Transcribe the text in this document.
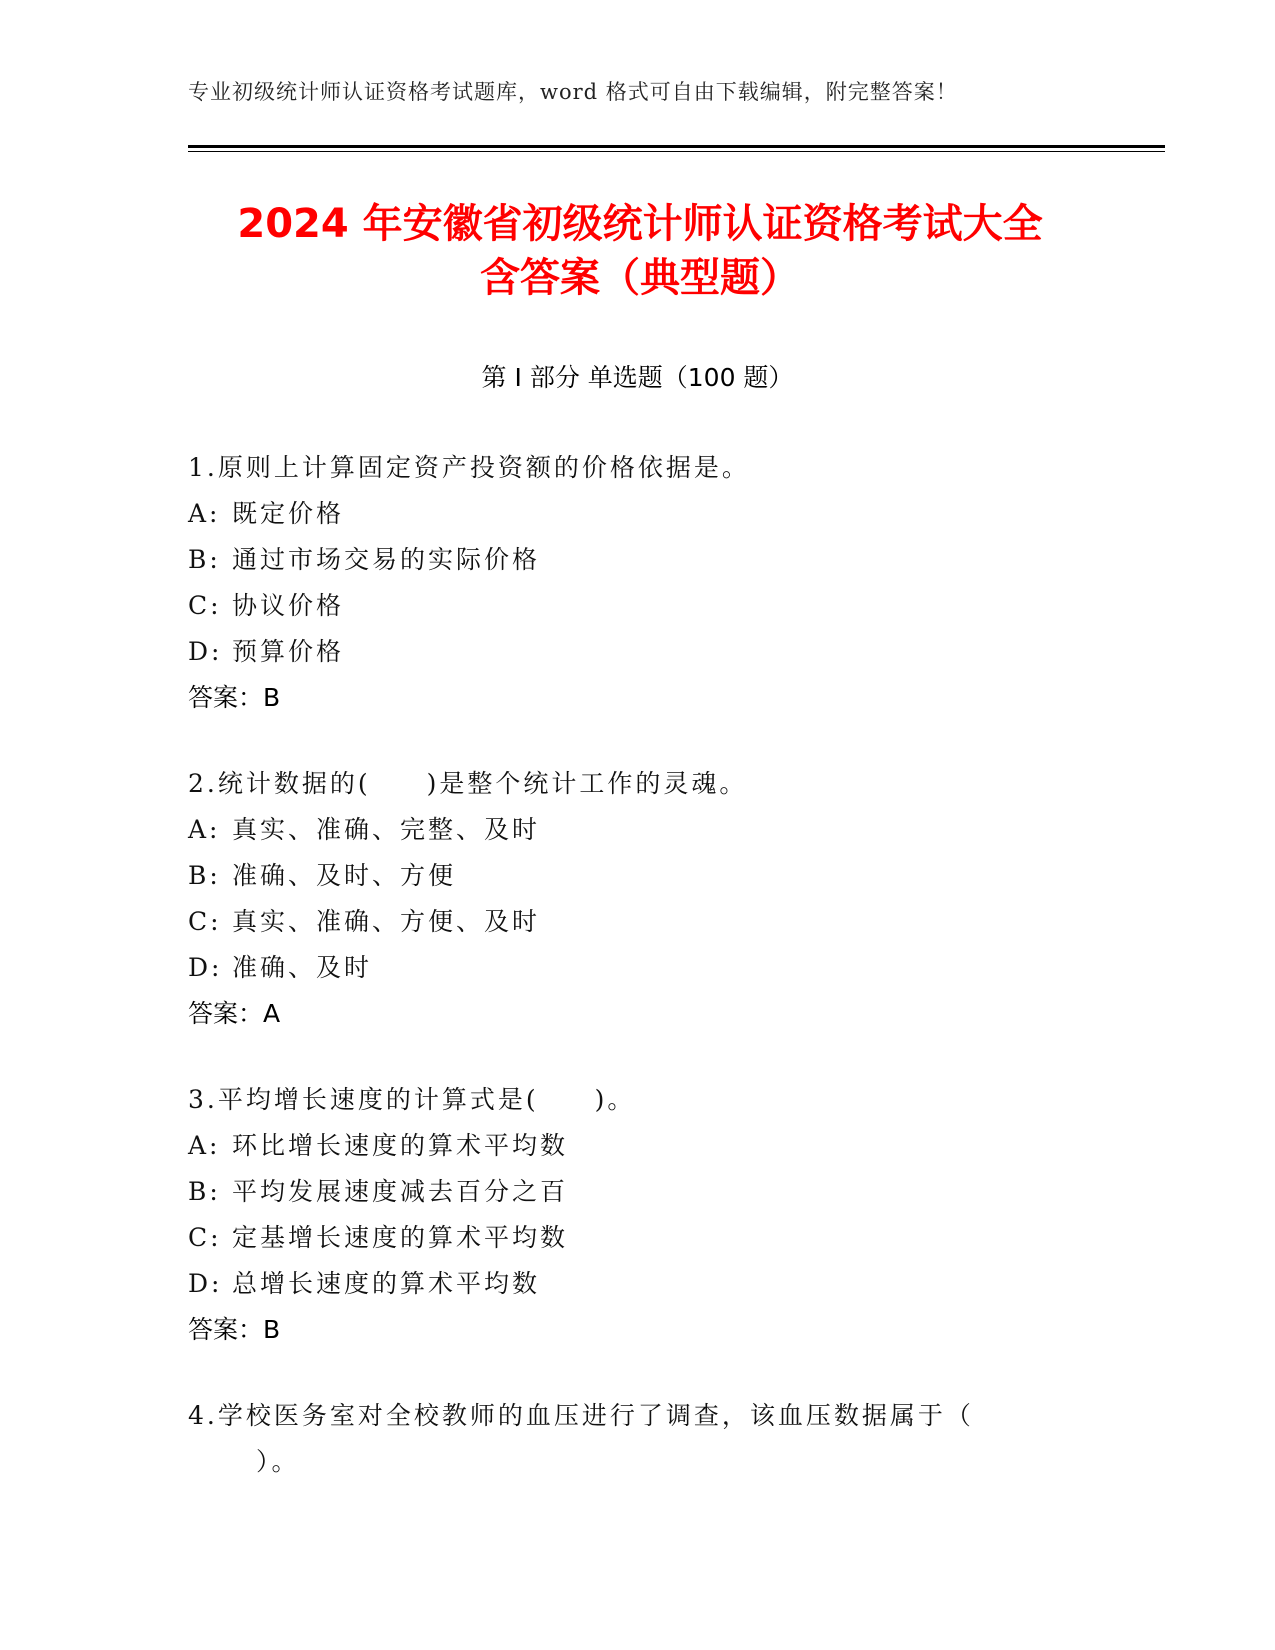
专业初级统计师认证资格考试题库，word 格式可自由下载编辑，附完整答案！
2024 年安徽省初级统计师认证资格考试大全
含答案（典型题）
第 I 部分 单选题（100 题）
1.原则上计算固定资产投资额的价格依据是。
A: 既定价格
B: 通过市场交易的实际价格
C: 协议价格
D: 预算价格
答案：B
2.统计数据的(　　)是整个统计工作的灵魂。
A: 真实、准确、完整、及时
B: 准确、及时、方便
C: 真实、准确、方便、及时
D: 准确、及时
答案：A
3.平均增长速度的计算式是(　　)。
A: 环比增长速度的算术平均数
B: 平均发展速度减去百分之百
C: 定基增长速度的算术平均数
D: 总增长速度的算术平均数
答案：B
4.学校医务室对全校教师的血压进行了调查，该血压数据属于（
）。
